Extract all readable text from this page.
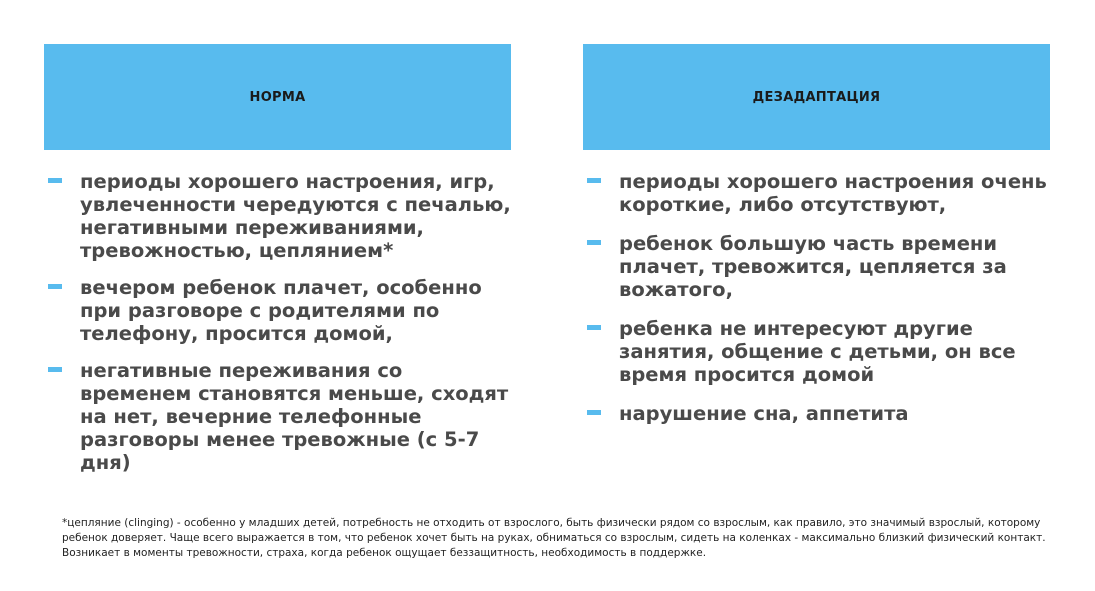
НОРМА
периоды хорошего настроения, игр, увлеченности чередуются с печалью, негативными переживаниями, тревожностью, цеплянием*
вечером ребенок плачет, особенно при разговоре с родителями по телефону, просится домой,
негативные переживания со временем становятся меньше, сходят на нет, вечерние телефонные разговоры менее тревожные (с 5-7 дня)
ДЕЗАДАПТАЦИЯ
периоды хорошего настроения очень короткие, либо отсутствуют,
ребенок большую часть времени плачет, тревожится, цепляется за вожатого,
ребенка не интересуют другие занятия, общение с детьми, он все время просится домой
нарушение сна, аппетита
*цепляние (clinging) - особенно у младших детей, потребность не отходить от взрослого, быть физически рядом со взрослым, как правило, это значимый взрослый, которому ребенок доверяет. Чаще всего выражается в том, что ребенок хочет быть на руках, обниматься со взрослым, сидеть на коленках - максимально близкий физический контакт. Возникает в моменты тревожности, страха, когда ребенок ощущает беззащитность, необходимость в поддержке.
